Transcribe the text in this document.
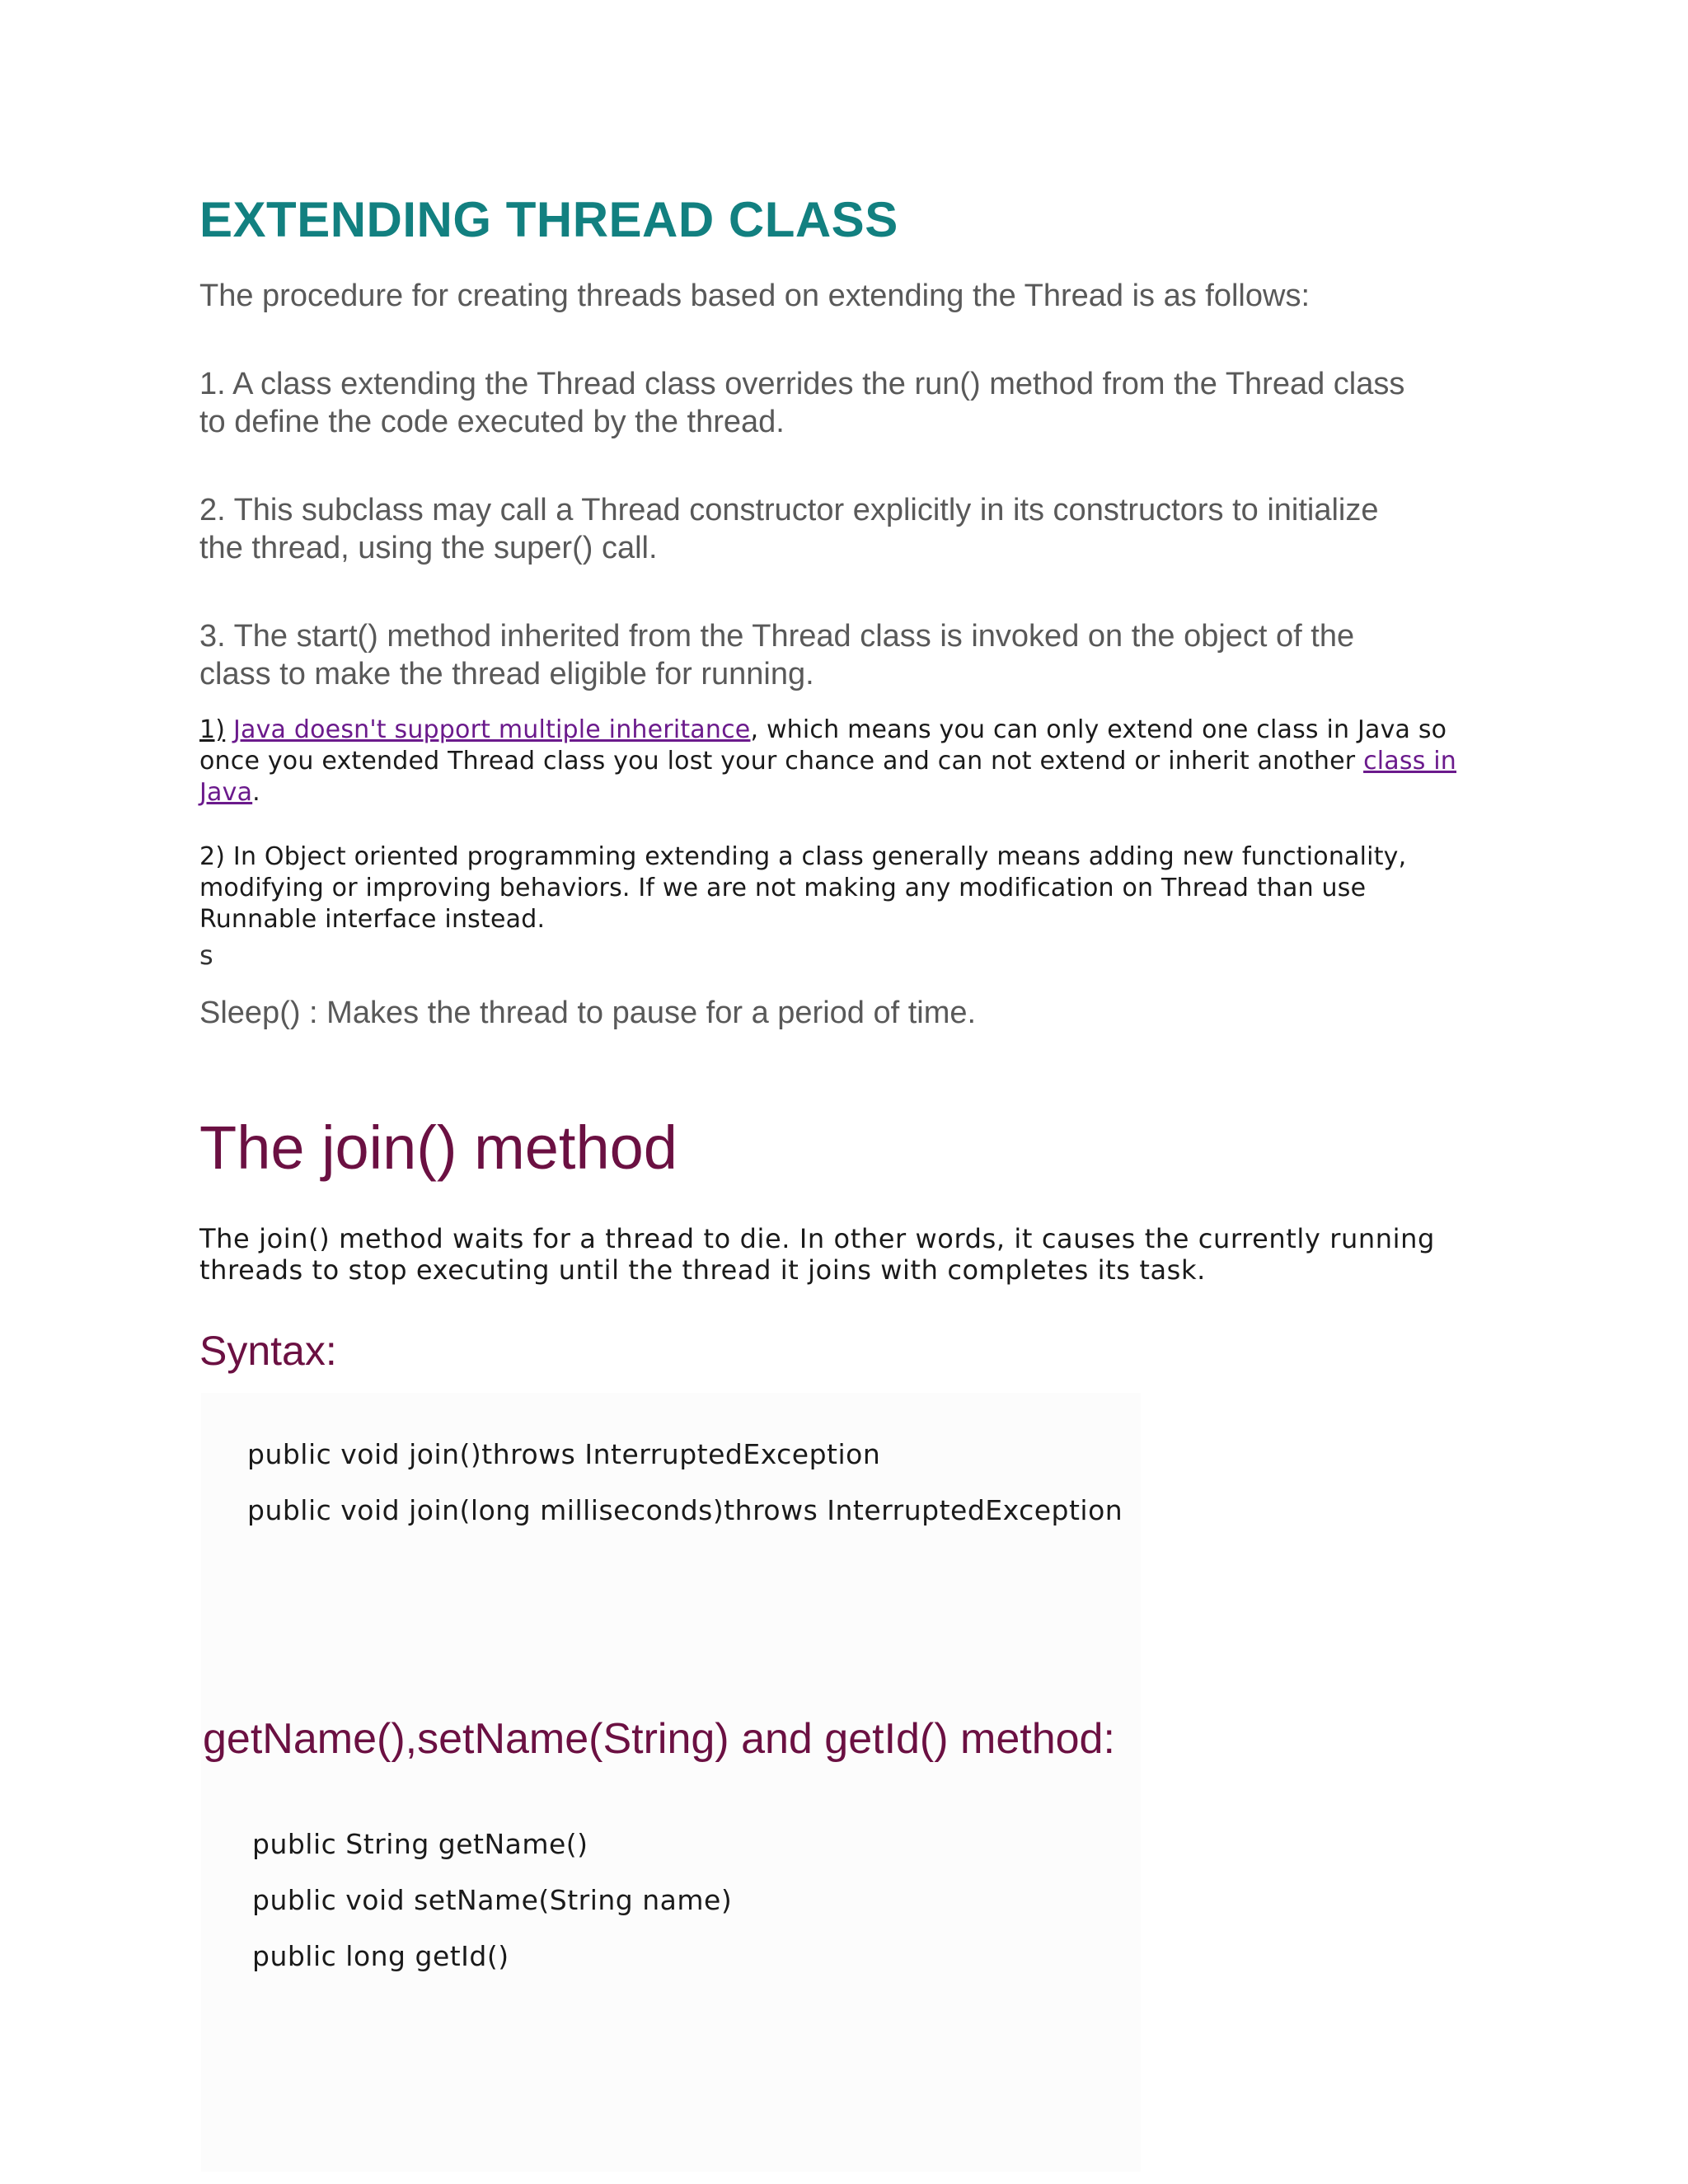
EXTENDING THREAD CLASS

The procedure for creating threads based on extending the Thread is as follows:

1. A class extending the Thread class overrides the run() method from the Thread class
to define the code executed by the thread.
2. This subclass may call a Thread constructor explicitly in its constructors to initialize
the thread, using the super() call.
3. The start() method inherited from the Thread class is invoked on the object of the
class to make the thread eligible for running.
1) Java doesn't support multiple inheritance, which means you can only extend one class in Java so
once you extended Thread class you lost your chance and can not extend or inherit another class in
Java.
2) In Object oriented programming extending a class generally means adding new functionality,
modifying or improving behaviors. If we are not making any modification on Thread than use
Runnable interface instead.
s

Sleep() : Makes the thread to pause for a period of time.

The join() method
The join() method waits for a thread to die. In other words, it causes the currently running
threads to stop executing until the thread it joins with completes its task.
Syntax:
public void join()throws InterruptedException
public void join(long milliseconds)throws InterruptedException
getName(),setName(String) and getId() method:
public String getName()
public void setName(String name)
public long getId()
